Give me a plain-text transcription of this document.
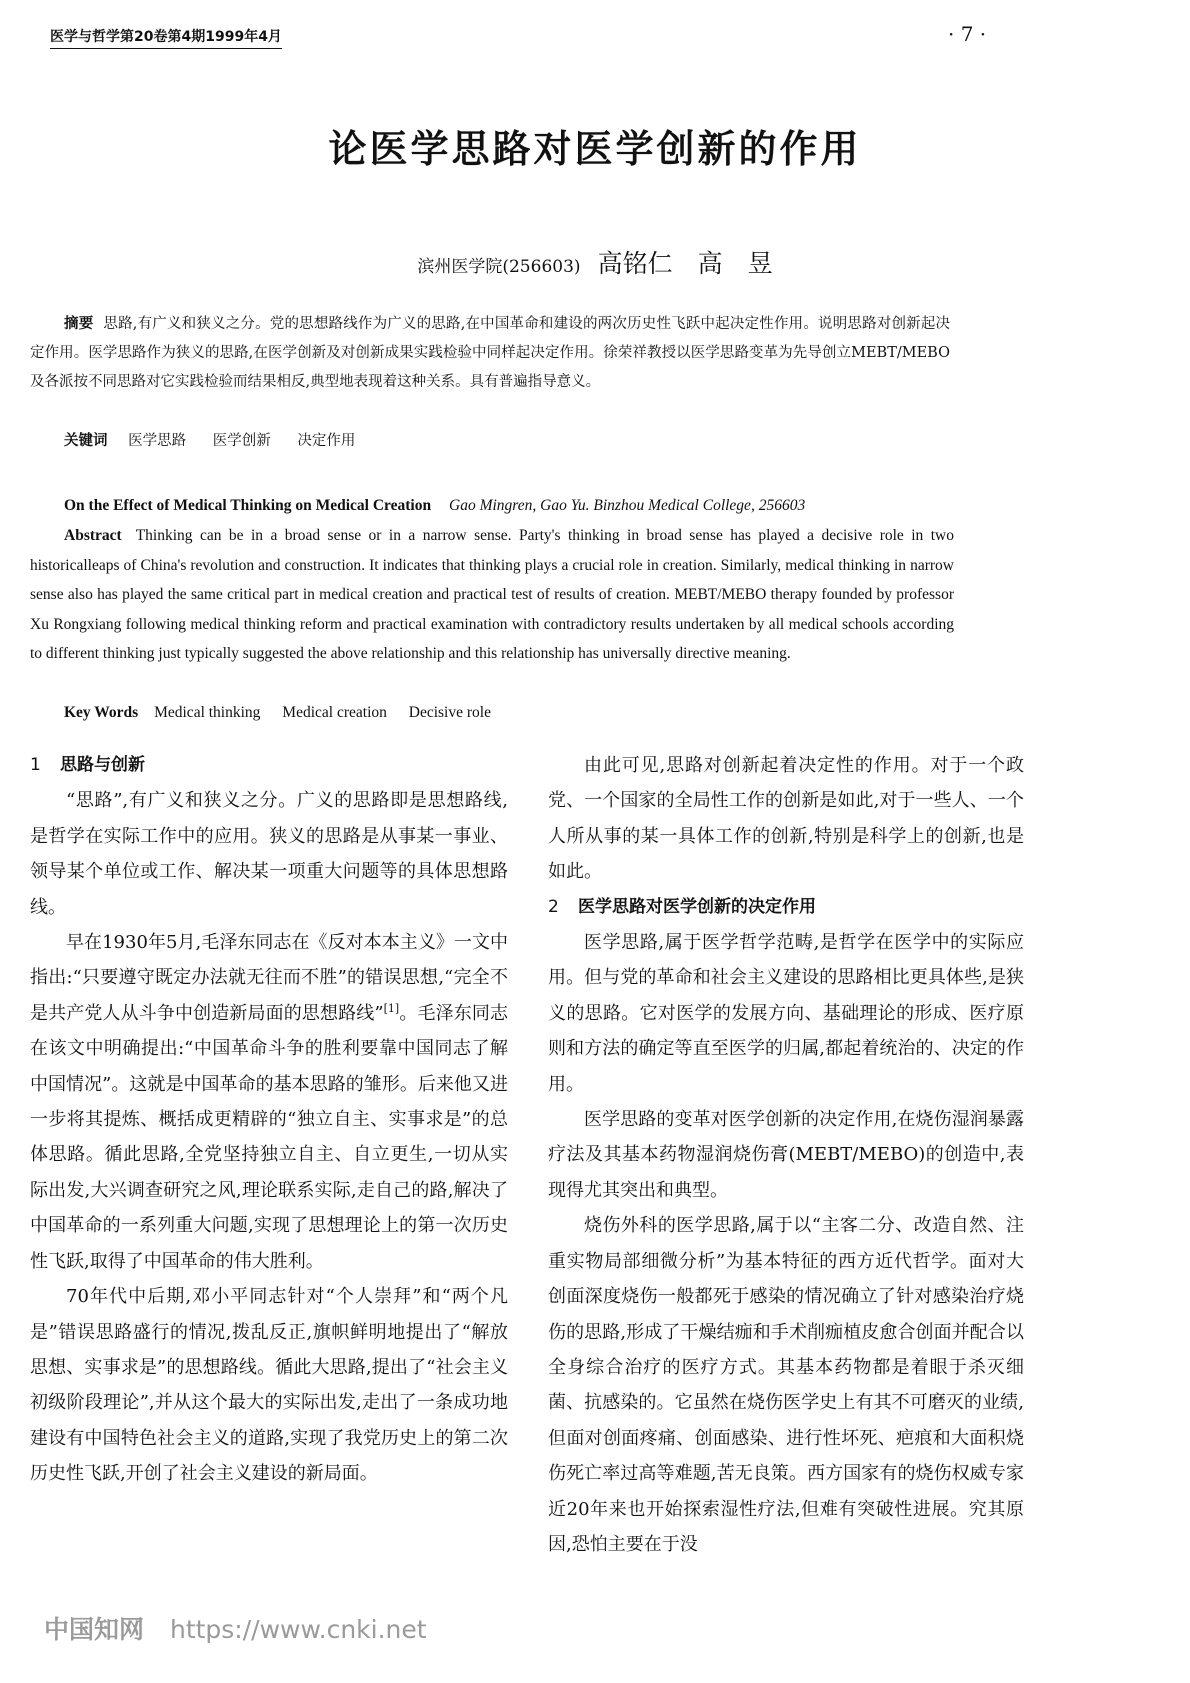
医学与哲学第20卷第4期1999年4月	· 7 ·
论医学思路对医学创新的作用
滨州医学院(256603) 高铭仁　高　昱
摘要 思路,有广义和狭义之分。党的思想路线作为广义的思路,在中国革命和建设的两次历史性飞跃中起决定性作用。说明思路对创新起决定作用。医学思路作为狭义的思路,在医学创新及对创新成果实践检验中同样起决定作用。徐荣祥教授以医学思路变革为先导创立MEBT/MEBO及各派按不同思路对它实践检验而结果相反,典型地表现着这种关系。具有普遍指导意义。
关键词 医学思路 医学创新 决定作用
On the Effect of Medical Thinking on Medical Creation Gao Mingren, Gao Yu. Binzhou Medical College, 256603
Abstract Thinking can be in a broad sense or in a narrow sense. Party's thinking in broad sense has played a decisive role in two historicalleaps of China's revolution and construction. It indicates that thinking plays a crucial role in creation. Similarly, medical thinking in narrow sense also has played the same critical part in medical creation and practical test of results of creation. MEBT/MEBO therapy founded by professor Xu Rongxiang following medical thinking reform and practical examination with contradictory results undertaken by all medical schools according to different thinking just typically suggested the above relationship and this relationship has universally directive meaning.
Key Words Medical thinking Medical creation Decisive role

1 思路与创新

“思路”,有广义和狭义之分。广义的思路即是思想路线,是哲学在实际工作中的应用。狭义的思路是从事某一事业、领导某个单位或工作、解决某一项重大问题等的具体思想路线。

早在1930年5月,毛泽东同志在《反对本本主义》一文中指出:“只要遵守既定办法就无往而不胜”的错误思想,“完全不是共产党人从斗争中创造新局面的思想路线”[1]。毛泽东同志在该文中明确提出:“中国革命斗争的胜利要靠中国同志了解中国情况”。这就是中国革命的基本思路的雏形。后来他又进一步将其提炼、概括成更精辟的“独立自主、实事求是”的总体思路。循此思路,全党坚持独立自主、自立更生,一切从实际出发,大兴调查研究之风,理论联系实际,走自己的路,解决了中国革命的一系列重大问题,实现了思想理论上的第一次历史性飞跃,取得了中国革命的伟大胜利。

70年代中后期,邓小平同志针对“个人崇拜”和“两个凡是”错误思路盛行的情况,拨乱反正,旗帜鲜明地提出了“解放思想、实事求是”的思想路线。循此大思路,提出了“社会主义初级阶段理论”,并从这个最大的实际出发,走出了一条成功地建设有中国特色社会主义的道路,实现了我党历史上的第二次历史性飞跃,开创了社会主义建设的新局面。

由此可见,思路对创新起着决定性的作用。对于一个政党、一个国家的全局性工作的创新是如此,对于一些人、一个人所从事的某一具体工作的创新,特别是科学上的创新,也是如此。

2 医学思路对医学创新的决定作用

医学思路,属于医学哲学范畴,是哲学在医学中的实际应用。但与党的革命和社会主义建设的思路相比更具体些,是狭义的思路。它对医学的发展方向、基础理论的形成、医疗原则和方法的确定等直至医学的归属,都起着统治的、决定的作用。

医学思路的变革对医学创新的决定作用,在烧伤湿润暴露疗法及其基本药物湿润烧伤膏(MEBT/MEBO)的创造中,表现得尤其突出和典型。

烧伤外科的医学思路,属于以“主客二分、改造自然、注重实物局部细微分析”为基本特征的西方近代哲学。面对大创面深度烧伤一般都死于感染的情况确立了针对感染治疗烧伤的思路,形成了干燥结痂和手术削痂植皮愈合创面并配合以全身综合治疗的医疗方式。其基本药物都是着眼于杀灭细菌、抗感染的。它虽然在烧伤医学史上有其不可磨灭的业绩,但面对创面疼痛、创面感染、进行性坏死、疤痕和大面积烧伤死亡率过高等难题,苦无良策。西方国家有的烧伤权威专家近20年来也开始探索湿性疗法,但难有突破性进展。究其原因,恐怕主要在于没

中国知网 https://www.cnki.net
